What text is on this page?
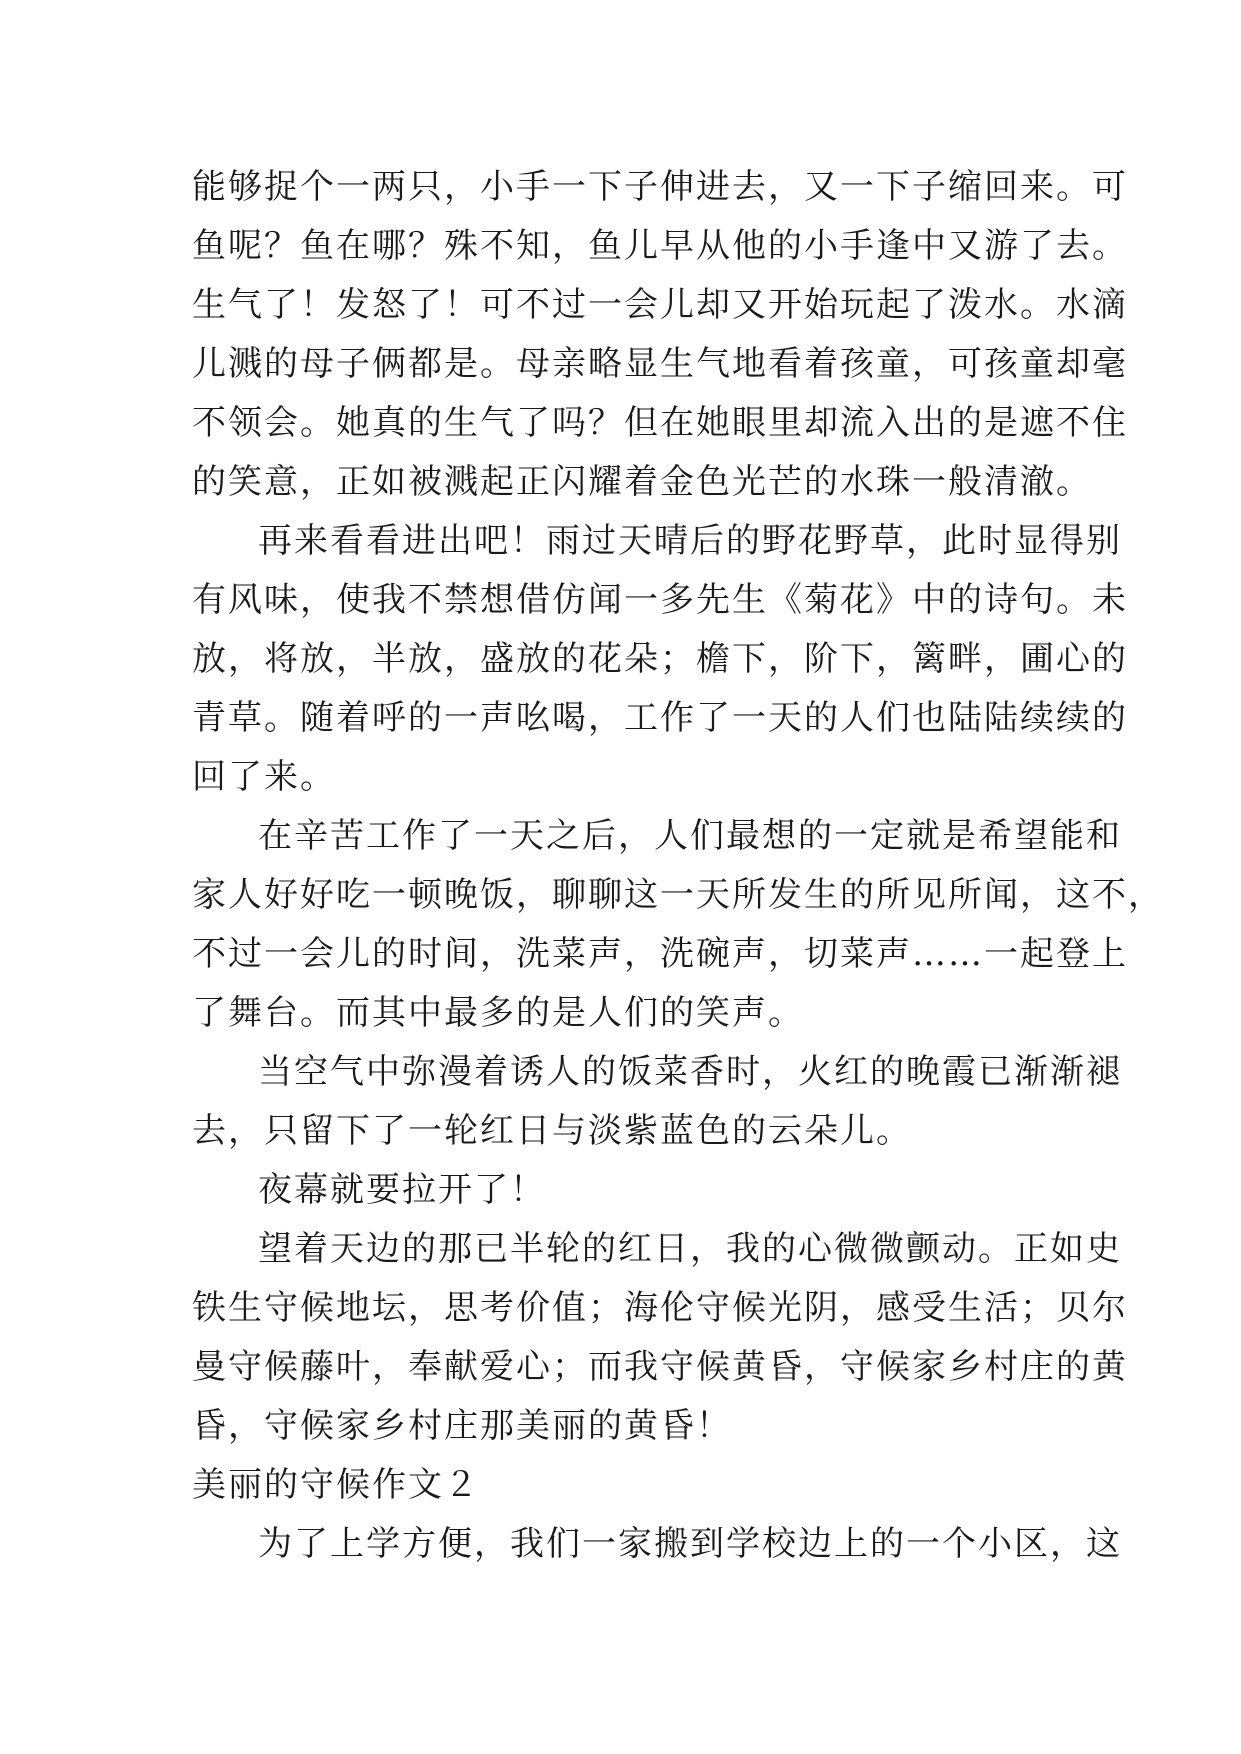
能够捉个一两只，小手一下子伸进去，又一下子缩回来。可
鱼呢？鱼在哪？殊不知，鱼儿早从他的小手逢中又游了去。
生气了！发怒了！可不过一会儿却又开始玩起了泼水。水滴
儿溅的母子俩都是。母亲略显生气地看着孩童，可孩童却毫
不领会。她真的生气了吗？但在她眼里却流入出的是遮不住
的笑意，正如被溅起正闪耀着金色光芒的水珠一般清澈。
再来看看进出吧！雨过天晴后的野花野草，此时显得别
有风味，使我不禁想借仿闻一多先生《菊花》中的诗句。未
放，将放，半放，盛放的花朵；檐下，阶下，篱畔，圃心的
青草。随着呼的一声吆喝，工作了一天的人们也陆陆续续的
回了来。
在辛苦工作了一天之后，人们最想的一定就是希望能和
家人好好吃一顿晚饭，聊聊这一天所发生的所见所闻，这不，
不过一会儿的时间，洗菜声，洗碗声，切菜声……一起登上
了舞台。而其中最多的是人们的笑声。
当空气中弥漫着诱人的饭菜香时，火红的晚霞已渐渐褪
去，只留下了一轮红日与淡紫蓝色的云朵儿。
夜幕就要拉开了！
望着天边的那已半轮的红日，我的心微微颤动。正如史
铁生守候地坛，思考价值；海伦守候光阴，感受生活；贝尔
曼守候藤叶，奉献爱心；而我守候黄昏，守候家乡村庄的黄
昏，守候家乡村庄那美丽的黄昏！
美丽的守候作文２
为了上学方便，我们一家搬到学校边上的一个小区，这
